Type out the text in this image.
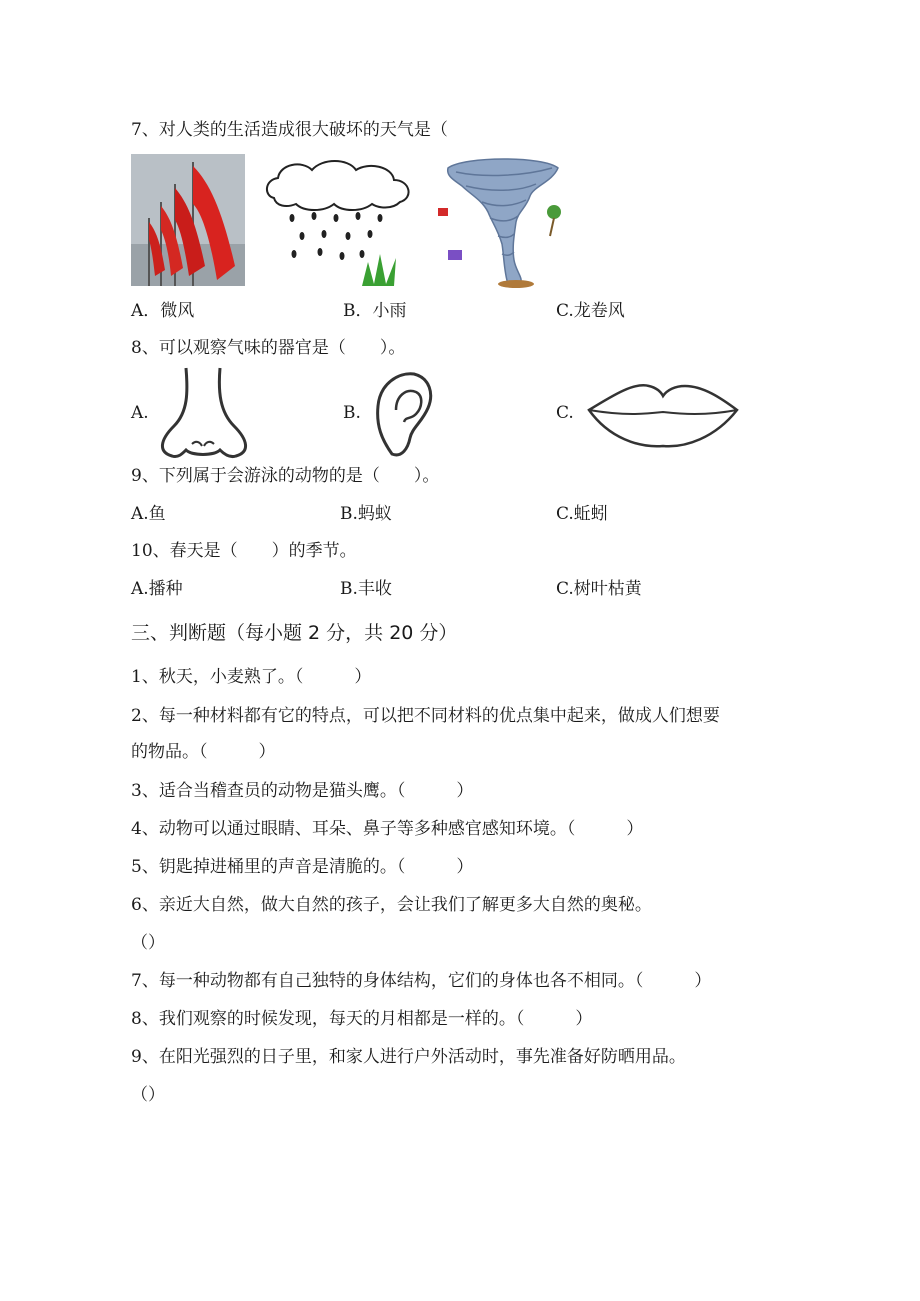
7、对人类的生活造成很大破坏的天气是（
A．微风	B．小雨	C.龙卷风
8、可以观察气味的器官是（　　）。
A.	B.	C.
9、下列属于会游泳的动物的是（　　）。
A.鱼	B.蚂蚁	C.蚯蚓
10、春天是（　　）的季节。
A.播种	B.丰收	C.树叶枯黄
三、判断题（每小题 2 分，共 20 分）
1、秋天，小麦熟了。（　　　）
2、每一种材料都有它的特点，可以把不同材料的优点集中起来，做成人们想要
的物品。（　　　）
3、适合当稽查员的动物是猫头鹰。（　　　）
4、动物可以通过眼睛、耳朵、鼻子等多种感官感知环境。（　　　）
5、钥匙掉进桶里的声音是清脆的。（　　　）
6、亲近大自然，做大自然的孩子，会让我们了解更多大自然的奥秘。
（）
7、每一种动物都有自己独特的身体结构，它们的身体也各不相同。（　　　）
8、我们观察的时候发现，每天的月相都是一样的。（　　　）
9、在阳光强烈的日子里，和家人进行户外活动时，事先准备好防晒用品。
（）
